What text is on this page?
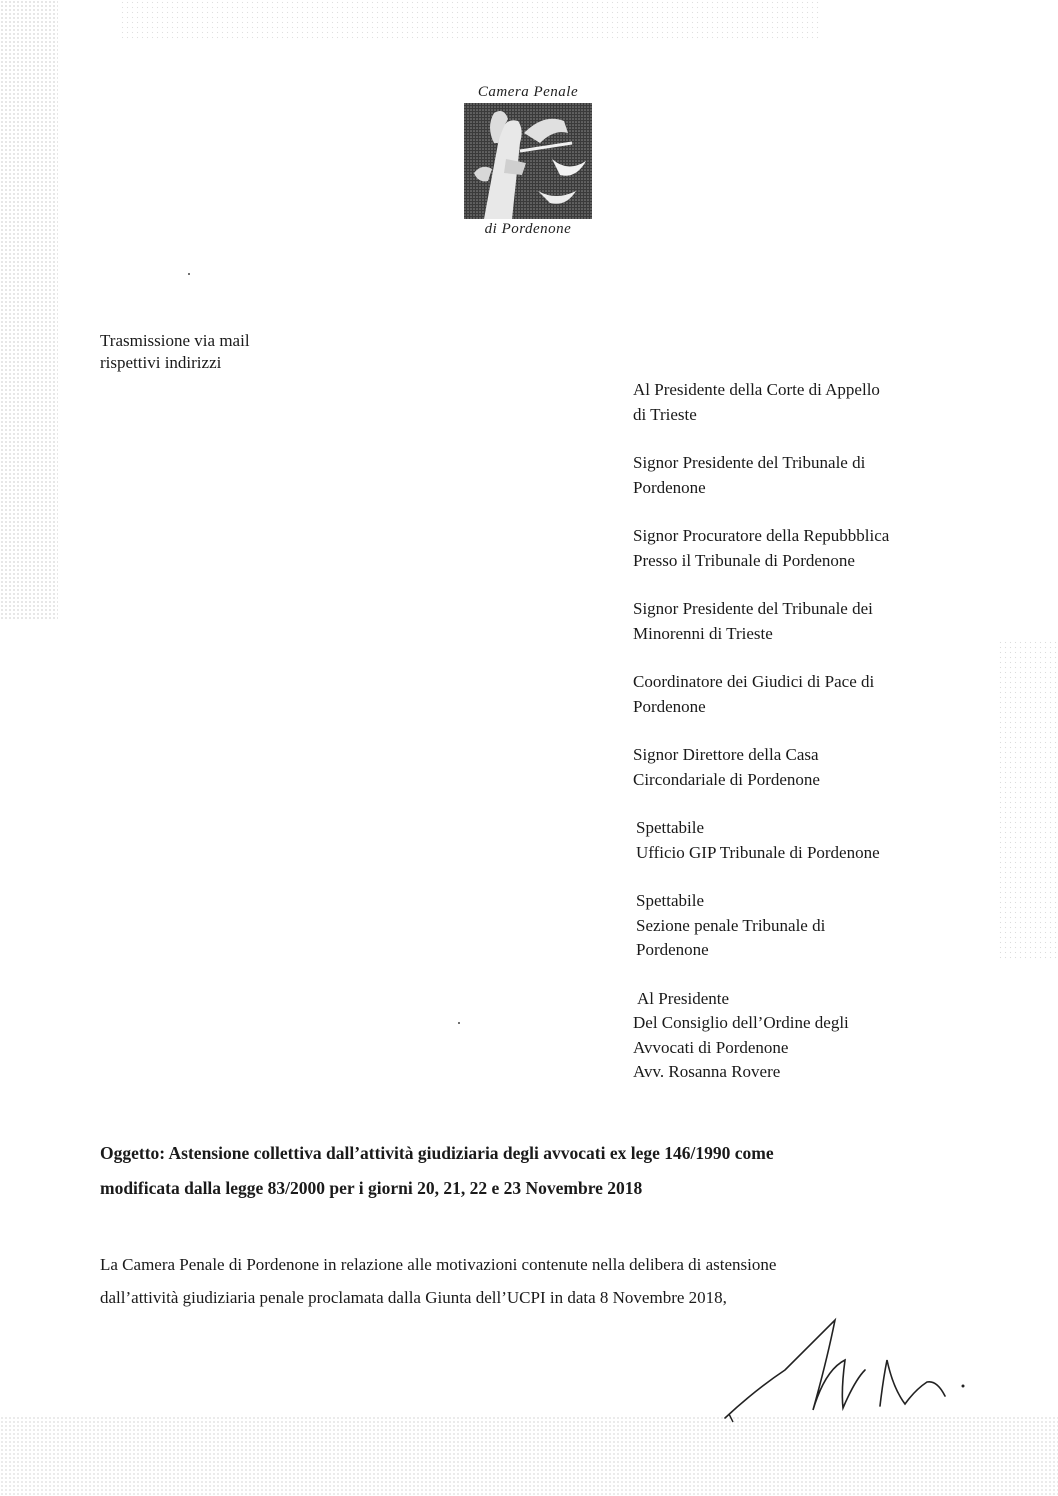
Camera Penale
di Pordenone
Trasmissione via mail
rispettivi indirizzi
Al Presidente della Corte di Appello
di Trieste
Signor Presidente del Tribunale di
Pordenone
Signor Procuratore della Repubbblica
Presso il Tribunale di Pordenone
Signor Presidente del Tribunale dei
Minorenni di Trieste
Coordinatore dei Giudici di Pace di
Pordenone
Signor Direttore della Casa
Circondariale di Pordenone
Spettabile
Ufficio GIP Tribunale di Pordenone
Spettabile
Sezione penale Tribunale di
Pordenone
Al Presidente
Del Consiglio dell’Ordine degli
Avvocati di Pordenone
Avv. Rosanna Rovere
Oggetto: Astensione collettiva dall’attività giudiziaria degli avvocati ex lege 146/1990 come
modificata dalla legge 83/2000 per i giorni 20, 21, 22 e 23 Novembre 2018
La Camera Penale di Pordenone in relazione alle motivazioni contenute nella delibera di astensione
dall’attività giudiziaria penale proclamata dalla Giunta dell’UCPI in data 8 Novembre 2018,
